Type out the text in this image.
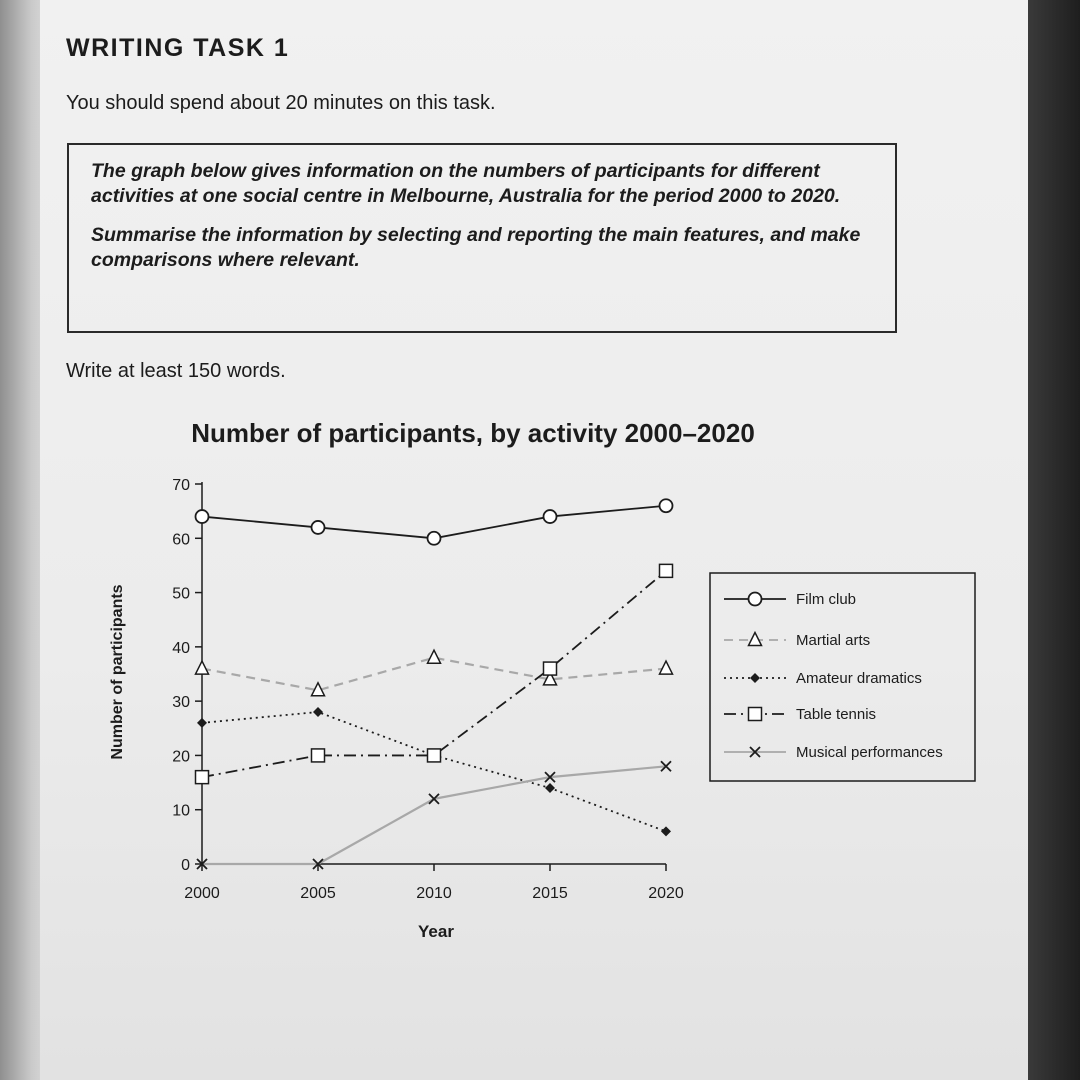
WRITING TASK 1
You should spend about 20 minutes on this task.

The graph below gives information on the numbers of participants for different activities at one social centre in Melbourne, Australia for the period 2000 to 2020.

Summarise the information by selecting and reporting the main features, and make comparisons where relevant.

Write at least 150 words.
Number of participants, by activity 2000–2020
Number of participants
Year
0
10
20
30
40
50
60
70
2000	2005	2010	2015	2020
Film club
Martial arts
Amateur dramatics
Table tennis
Musical performances
